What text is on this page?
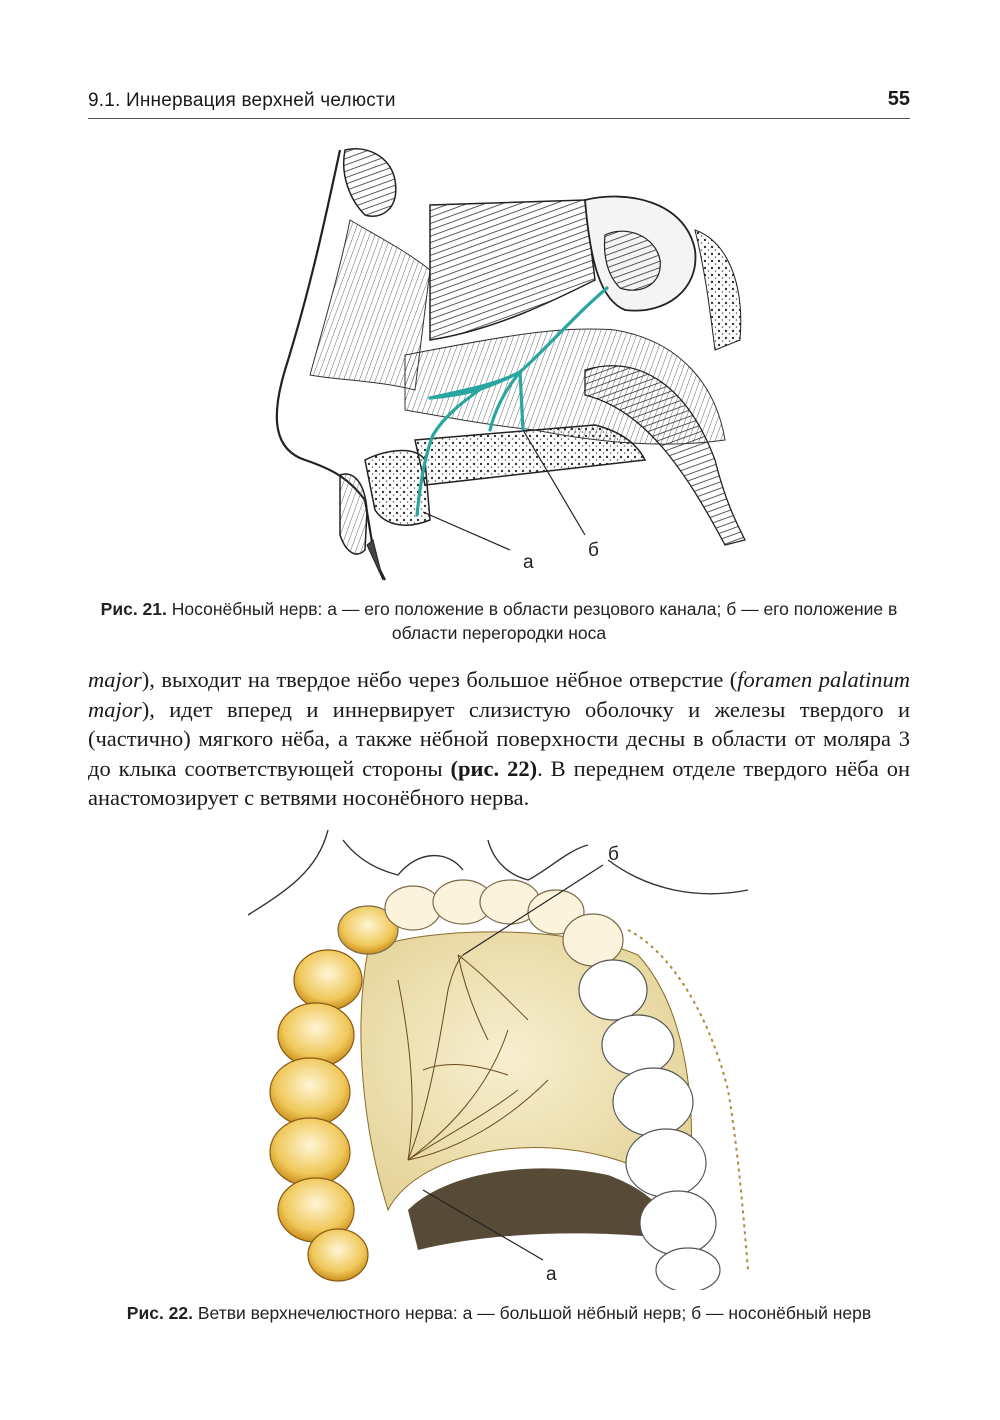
9.1. Иннервация верхней челюсти	55
а
б
Рис. 21. Носонёбный нерв: а — его положение в области резцового канала; б — его положение в области перегородки носа
major), выходит на твердое нёбо через большое нёбное отверстие (foramen palatinum major), идет вперед и иннервирует слизистую оболочку и железы твердого и (частично) мягкого нёба, а также нёбной поверхности десны в области от моляра 3 до клыка соответствующей стороны (рис. 22). В переднем отделе твердого нёба он анастомозирует с ветвями носонёбного нерва.
б
а
Рис. 22. Ветви верхнечелюстного нерва: а — большой нёбный нерв; б — носонёбный нерв
